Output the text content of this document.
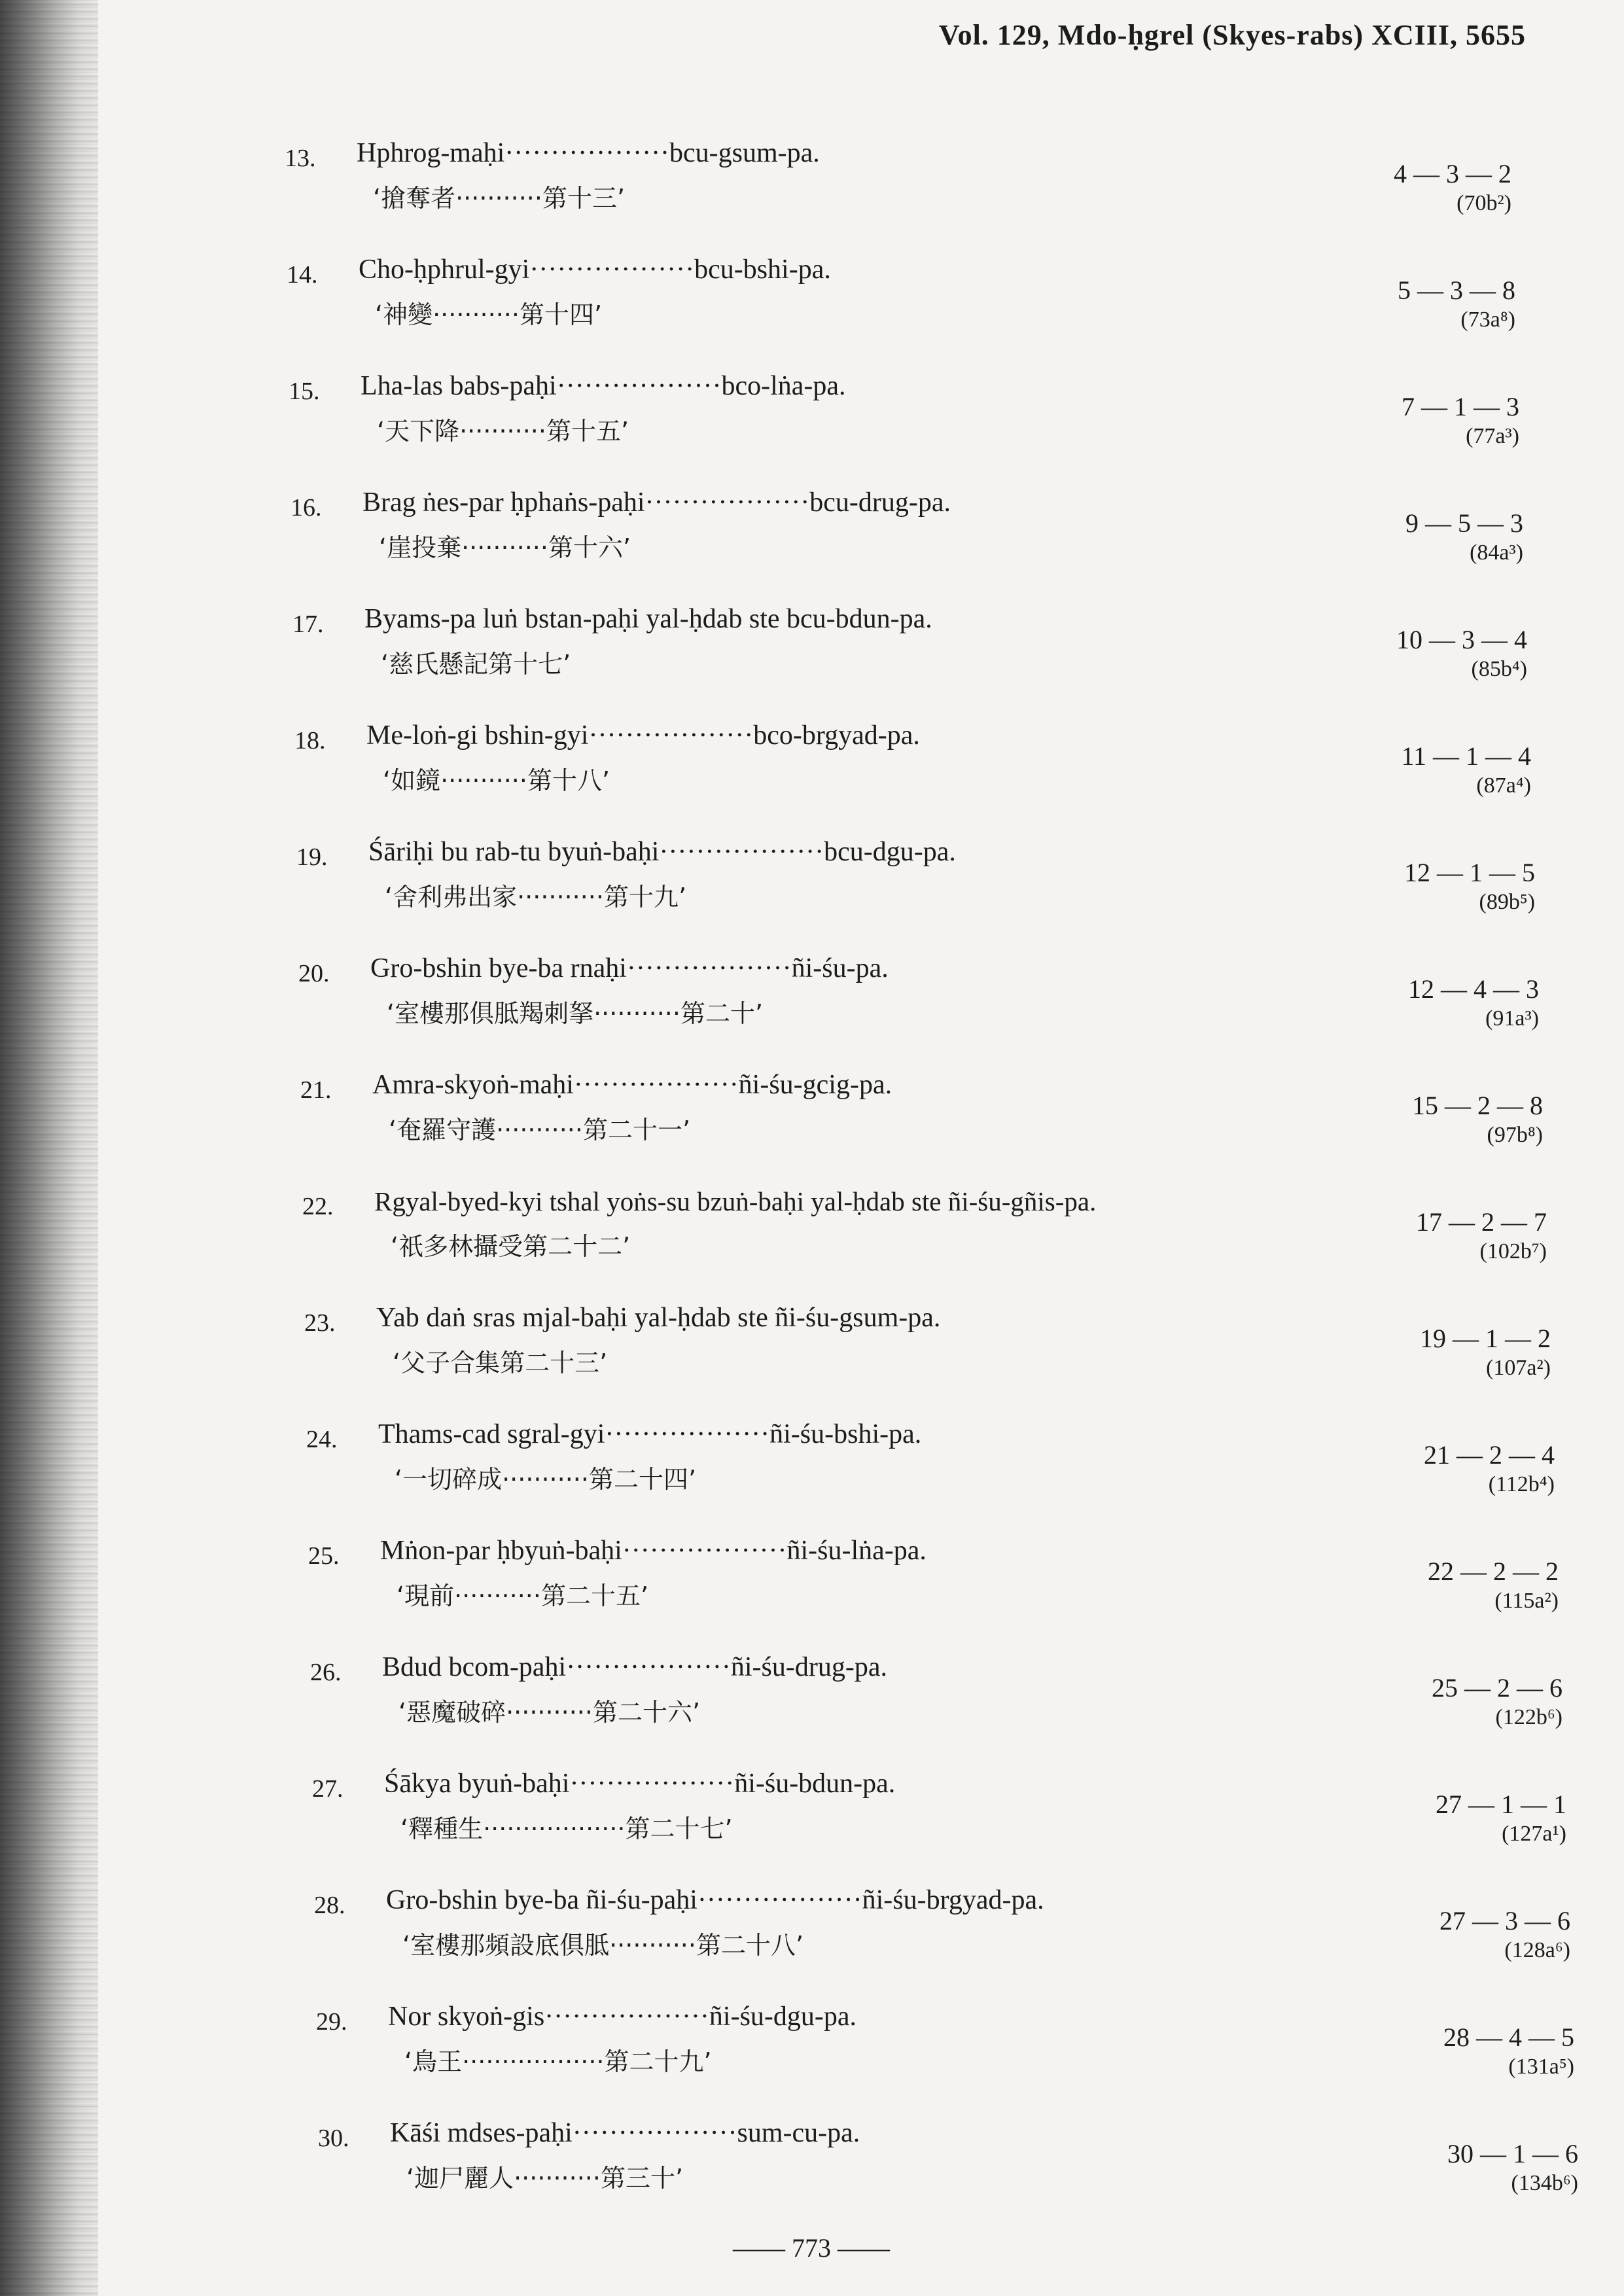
Vol. 129, Mdo-ḥgrel (Skyes-rabs) XCIII, 5655
13. Hphrog-maḥi··················bcu-gsum-pa.
‘搶奪者···········第十三’
4 — 3 — 2
(70b²)
14. Cho-ḥphrul-gyi··················bcu-bshi-pa.
‘神變···········第十四’
5 — 3 — 8
(73a⁸)
15. Lha-las babs-paḥi··················bco-lṅa-pa.
‘天下降···········第十五’
7 — 1 — 3
(77a³)
16. Brag ṅes-par ḥphaṅs-paḥi··················bcu-drug-pa.
‘崖投棄···········第十六’
9 — 5 — 3
(84a³)
17. Byams-pa luṅ bstan-paḥi yal-ḥdab ste bcu-bdun-pa.
‘慈氏懸記第十七’
10 — 3 — 4
(85b⁴)
18. Me-loṅ-gi bshin-gyi··················bco-brgyad-pa.
‘如鏡···········第十八’
11 — 1 — 4
(87a⁴)
19. Śāriḥi bu rab-tu byuṅ-baḥi··················bcu-dgu-pa.
‘舍利弗出家···········第十九’
12 — 1 — 5
(89b⁵)
20. Gro-bshin bye-ba rnaḥi··················ñi-śu-pa.
‘室樓那俱胝羯刺拏···········第二十’
12 — 4 — 3
(91a³)
21. Amra-skyoṅ-maḥi··················ñi-śu-gcig-pa.
‘奄羅守護···········第二十一’
15 — 2 — 8
(97b⁸)
22. Rgyal-byed-kyi tshal yoṅs-su bzuṅ-baḥi yal-ḥdab ste ñi-śu-gñis-pa.
‘祇多林攝受第二十二’
17 — 2 — 7
(102b⁷)
23. Yab daṅ sras mjal-baḥi yal-ḥdab ste ñi-śu-gsum-pa.
‘父子合集第二十三’
19 — 1 — 2
(107a²)
24. Thams-cad sgral-gyi··················ñi-śu-bshi-pa.
‘一切碎成···········第二十四’
21 — 2 — 4
(112b⁴)
25. Mṅon-par ḥbyuṅ-baḥi··················ñi-śu-lṅa-pa.
‘現前···········第二十五’
22 — 2 — 2
(115a²)
26. Bdud bcom-paḥi··················ñi-śu-drug-pa.
‘惡魔破碎···········第二十六’
25 — 2 — 6
(122b⁶)
27. Śākya byuṅ-baḥi··················ñi-śu-bdun-pa.
‘釋種生··················第二十七’
27 — 1 — 1
(127a¹)
28. Gro-bshin bye-ba ñi-śu-paḥi··················ñi-śu-brgyad-pa.
‘室樓那頻設底俱胝···········第二十八’
27 — 3 — 6
(128a⁶)
29. Nor skyoṅ-gis··················ñi-śu-dgu-pa.
‘鳥王··················第二十九’
28 — 4 — 5
(131a⁵)
30. Kāśi mdses-paḥi··················sum-cu-pa.
‘迦尸麗人···········第三十’
30 — 1 — 6
(134b⁶)
—— 773 ——
